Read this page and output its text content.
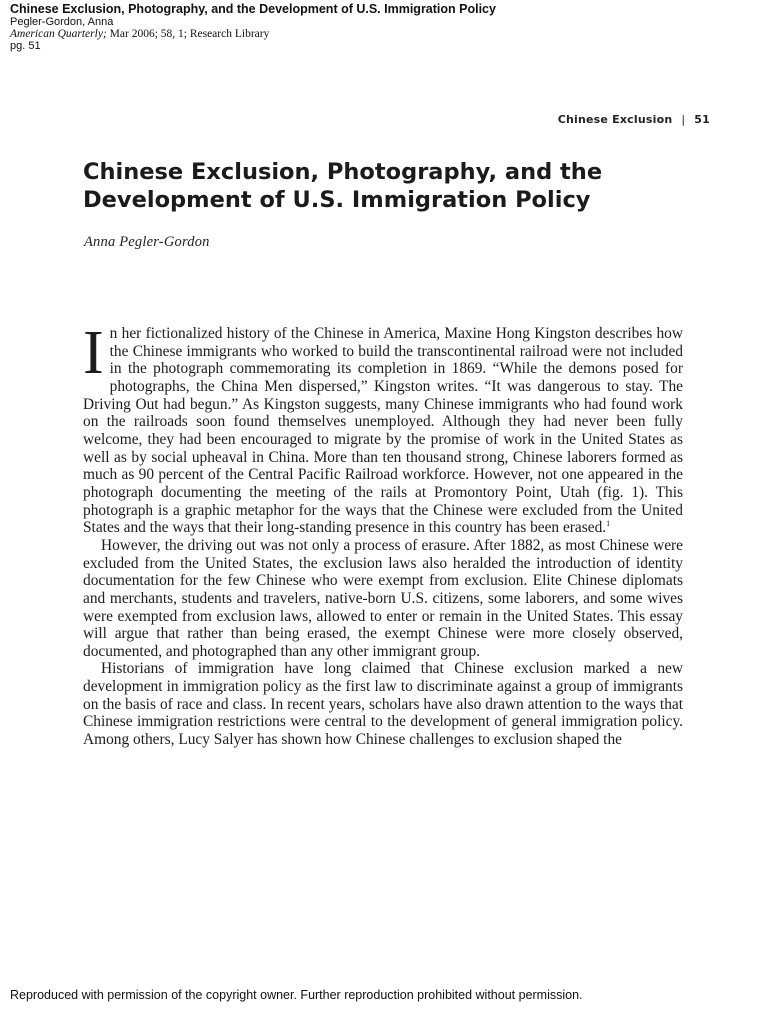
Chinese Exclusion, Photography, and the Development of U.S. Immigration Policy
Pegler-Gordon, Anna
American Quarterly; Mar 2006; 58, 1; Research Library
pg. 51
Chinese Exclusion | 51
Chinese Exclusion, Photography, and the Development of U.S. Immigration Policy
Anna Pegler-Gordon

In her fictionalized history of the Chinese in America, Maxine Hong Kingston describes how the Chinese immigrants who worked to build the transcontinental railroad were not included in the photograph commemorating its completion in 1869. “While the demons posed for photographs, the China Men dispersed,” Kingston writes. “It was dangerous to stay. The Driving Out had begun.” As Kingston suggests, many Chinese immigrants who had found work on the railroads soon found themselves unemployed. Although they had never been fully welcome, they had been encouraged to migrate by the promise of work in the United States as well as by social upheaval in China. More than ten thousand strong, Chinese laborers formed as much as 90 percent of the Central Pacific Railroad workforce. However, not one appeared in the photograph documenting the meeting of the rails at Promontory Point, Utah (fig. 1). This photograph is a graphic metaphor for the ways that the Chinese were excluded from the United States and the ways that their long-standing presence in this country has been erased.$^1$

However, the driving out was not only a process of erasure. After 1882, as most Chinese were excluded from the United States, the exclusion laws also heralded the introduction of identity documentation for the few Chinese who were exempt from exclusion. Elite Chinese diplomats and merchants, students and travelers, native-born U.S. citizens, some laborers, and some wives were exempted from exclusion laws, allowed to enter or remain in the United States. This essay will argue that rather than being erased, the exempt Chinese were more closely observed, documented, and photographed than any other immigrant group.

Historians of immigration have long claimed that Chinese exclusion marked a new development in immigration policy as the first law to discriminate against a group of immigrants on the basis of race and class. In recent years, scholars have also drawn attention to the ways that Chinese immigration restrictions were central to the development of general immigration policy. Among others, Lucy Salyer has shown how Chinese challenges to exclusion shaped the

Reproduced with permission of the copyright owner. Further reproduction prohibited without permission.
